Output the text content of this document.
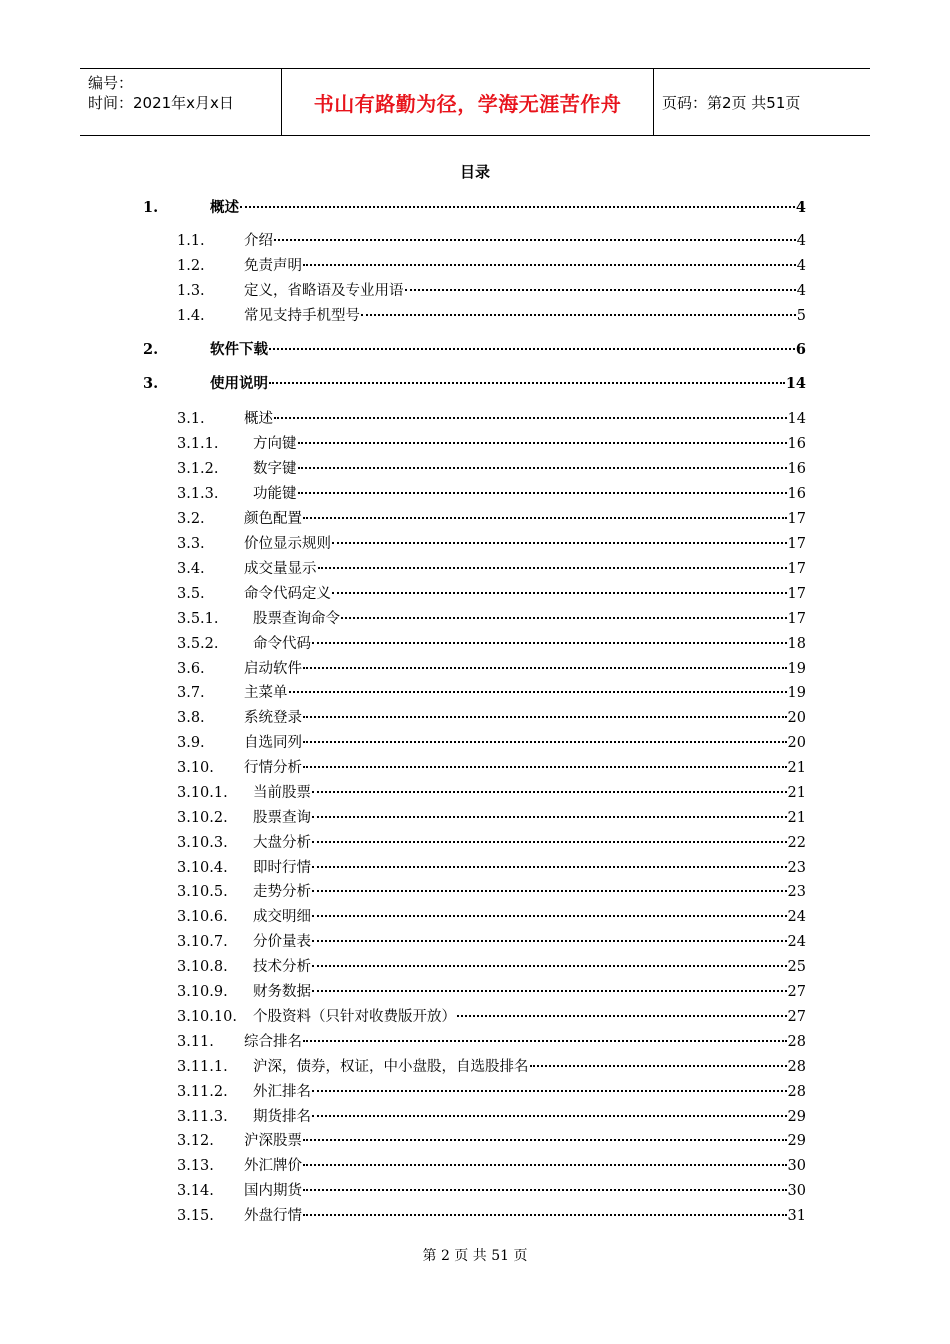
编号：
时间：2021年x月x日	书山有路勤为径，学海无涯苦作舟	页码：第2页 共51页
目录
1.	概述	4
1.1.	介绍	4
1.2.	免责声明	4
1.3.	定义，省略语及专业用语	4
1.4.	常见支持手机型号	5
2.	软件下载	6
3.	使用说明	14
3.1.	概述	14
3.1.1. 方向键	16
3.1.2. 数字键	16
3.1.3. 功能键	16
3.2.	颜色配置	17
3.3.	价位显示规则	17
3.4.	成交量显示	17
3.5.	命令代码定义	17
3.5.1. 股票查询命令	17
3.5.2. 命令代码	18
3.6.	启动软件	19
3.7.	主菜单	19
3.8.	系统登录	20
3.9.	自选同列	20
3.10. 行情分析	21
3.10.1. 当前股票	21
3.10.2. 股票查询	21
3.10.3. 大盘分析	22
3.10.4. 即时行情	23
3.10.5. 走势分析	23
3.10.6. 成交明细	24
3.10.7. 分价量表	24
3.10.8. 技术分析	25
3.10.9. 财务数据	27
3.10.10. 个股资料（只针对收费版开放）	27
3.11. 综合排名	28
3.11.1. 沪深，债券，权证，中小盘股，自选股排名	28
3.11.2. 外汇排名	28
3.11.3. 期货排名	29
3.12. 沪深股票	29
3.13. 外汇牌价	30
3.14. 国内期货	30
3.15. 外盘行情	31
第 2 页 共 51 页
